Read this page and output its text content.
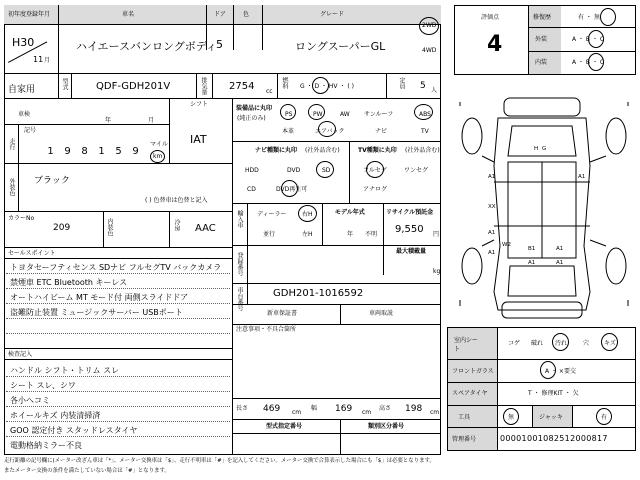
初年度登録年月	車名	ドア	色	グレード
H30
11 月
ハイエースバンロングボディ 5	ロングスーパーGL
2WD
4WD
自家用	型式	QDF-GDH201V	排気量 2754 cc
燃料 G ・ D ・ HV ・ ( )	定員 5 人
シフト
車検
年	月
走行
記号
1	9	8	1	5	9
マイル
km
IAT
外装色 ブラック
( ) 色替車は色替と記入
カラーNo
209	内装色	冷房 AAC
セールスポイント
トヨタセーフティセンス SDナビ フルセグTV バックカメラ
禁煙車 ETC Bluetooth キーレス
オートハイビーム MT モード付 両側スライドドア
盗難防止装置 ミュージックサーバー USBポート
検査記入
ハンドル シフト・トリム スレ
シート スレ、シワ
各小ヘコミ
ホイールキズ 内装清掃済
GOO 認定付き スタッドレスタイヤ
電動格納ミラー不良
装備品に丸印
(純正のみ)
PS	PW	AW サンルーフ	ABS
本革	エアバック	ナビ	TV
ナビ種類に丸印 (社外品含む)	TV種類に丸印 (社外品含む)
HDD	DVD	SD
CD	DVD再生可
フルセグ	ワンセグ
アナログ
輸入車 ディーラー	右H
並行	左H
モデル年式
年 不明
リサイクル預託金
9,550 円
登録番号
最大積載量
kg
車台番号	GDH201-1016592
新車保証書	車両取説
注意事項・不具合箇所
長さ 469 cm
幅 169 cm
高さ 198 cm
型式指定番号	類別区分番号
評価点
4
修復歴	有 ・ 無
外装	A ・ B ・ C
内装	A ・ B ・ C
H G
A1	A1
XX
A1
W2
B1
A1
A1
A1	A1
室内シート
コゲ 破れ 汚れ	穴 キズ
フロントガラス	A ・ ×要交
スペアタイヤ	T ・ 修理KIT ・ 欠
工具	無	ジャッキ	有
管理番号	00001001082512000817
走行距離の記号欄に(メーター改ざん車は「*」、メーター交換車は「$」、走行不明車は「#」を記入してください。メーター交換で合算表示した場合にも「$」は必要となります。
またメーター交換の条件を満たしていない場合は「#」となります。
